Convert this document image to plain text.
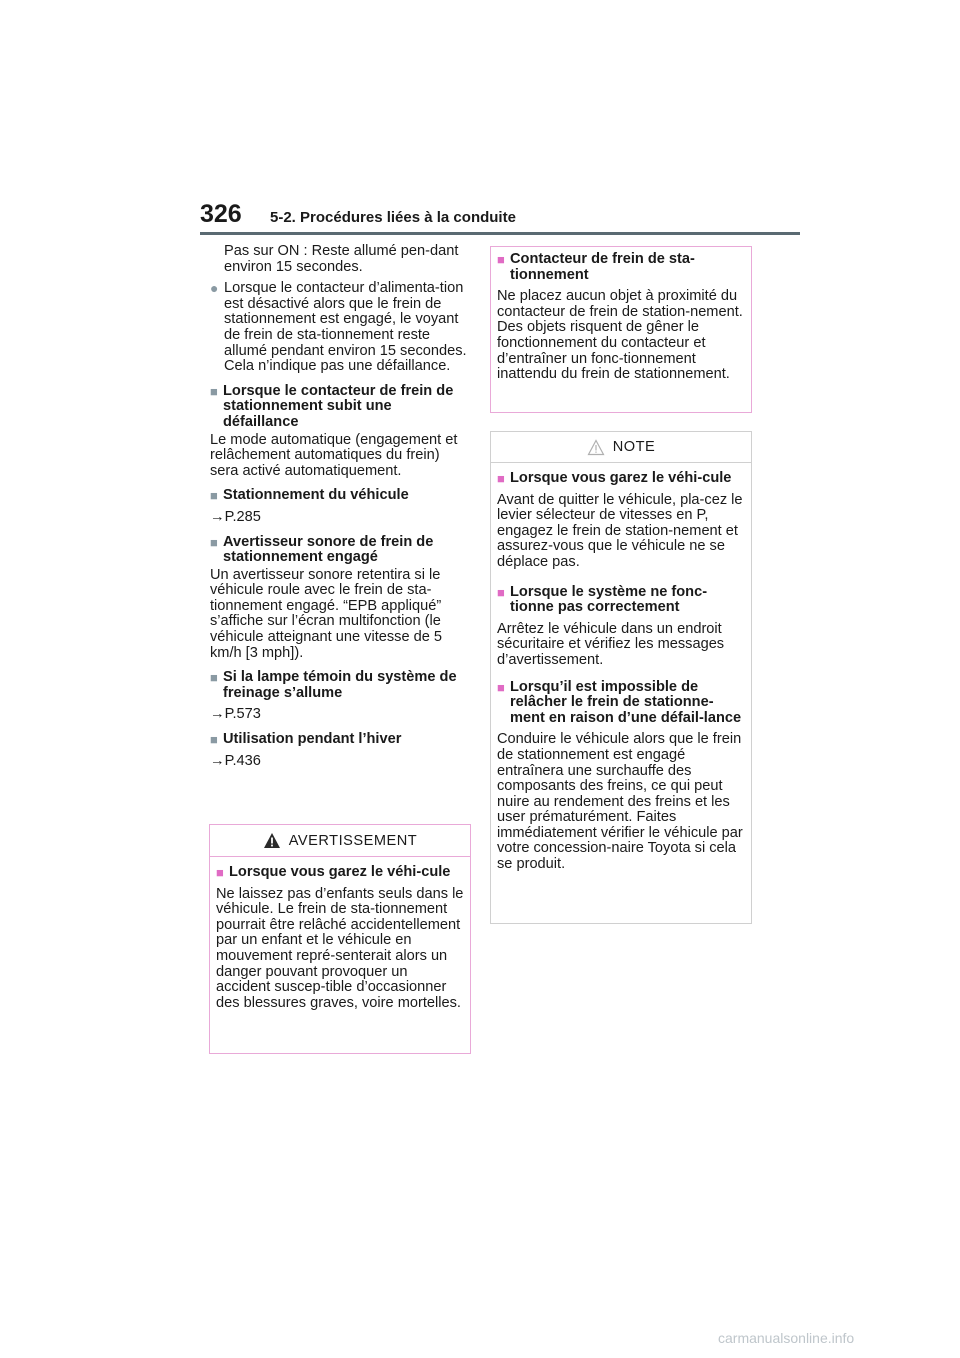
326 5-2. Procédures liées à la conduite

Pas sur ON : Reste allumé pen-dant environ 15 secondes.

● Lorsque le contacteur d’alimenta-tion est désactivé alors que le frein de stationnement est engagé, le voyant de frein de sta-tionnement reste allumé pendant environ 15 secondes. Cela n’indique pas une défaillance.
■ Lorsque le contacteur de frein de stationnement subit une défaillance

Le mode automatique (engagement et relâchement automatiques du frein) sera activé automatiquement.

■ Stationnement du véhicule

→P.285

■ Avertisseur sonore de frein de stationnement engagé

Un avertisseur sonore retentira si le véhicule roule avec le frein de sta-tionnement engagé. “EPB appliqué” s’affiche sur l’écran multifonction (le véhicule atteignant une vitesse de 5 km/h [3 mph]).

■ Si la lampe témoin du système de freinage s’allume

→P.573

■ Utilisation pendant l’hiver

→P.436

AVERTISSEMENT
■ Lorsque vous garez le véhi-cule

Ne laissez pas d’enfants seuls dans le véhicule. Le frein de sta-tionnement pourrait être relâché accidentellement par un enfant et le véhicule en mouvement repré-senterait alors un danger pouvant provoquer un accident suscep-tible d’occasionner des blessures graves, voire mortelles.

■ Contacteur de frein de sta-tionnement

Ne placez aucun objet à proximité du contacteur de frein de station-nement. Des objets risquent de gêner le fonctionnement du contacteur et d’entraîner un fonc-tionnement inattendu du frein de stationnement.

NOTE
■ Lorsque vous garez le véhi-cule

Avant de quitter le véhicule, pla-cez le levier sélecteur de vitesses en P, engagez le frein de station-nement et assurez-vous que le véhicule ne se déplace pas.

■ Lorsque le système ne fonc-tionne pas correctement

Arrêtez le véhicule dans un endroit sécuritaire et vérifiez les messages d’avertissement.

■ Lorsqu’il est impossible de relâcher le frein de stationne-ment en raison d’une défail-lance

Conduire le véhicule alors que le frein de stationnement est engagé entraînera une surchauffe des composants des freins, ce qui peut nuire au rendement des freins et les user prématurément. Faites immédiatement vérifier le véhicule par votre concession-naire Toyota si cela se produit.

carmanualsonline.info
